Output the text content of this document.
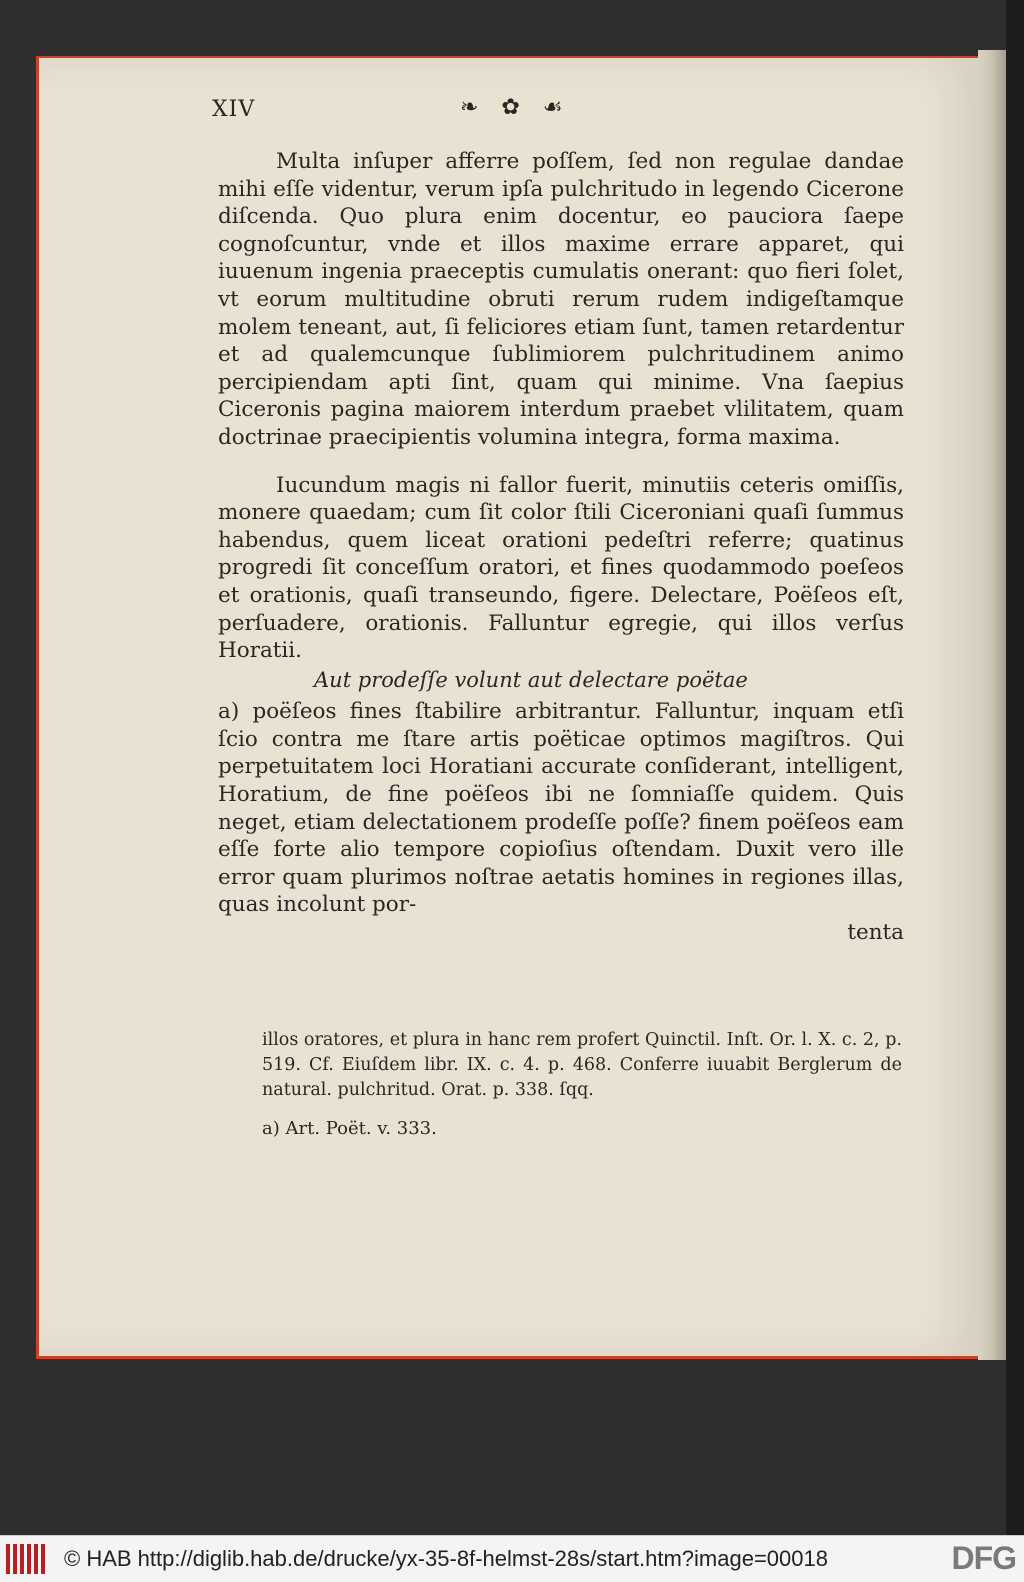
XIV	❧ ✿ ☙

Multa inſuper afferre poſſem, ſed non regulae dandae mihi eſſe videntur, verum ipſa pulchritudo in legendo Cicerone diſcenda. Quo plura enim docentur, eo pauciora ſaepe cognoſcuntur, vnde et illos maxime errare apparet, qui iuuenum ingenia praeceptis cumulatis onerant: quo fieri ſolet, vt eorum multitudine obruti rerum rudem indigeſtamque molem teneant, aut, ſi feliciores etiam ſunt, tamen retardentur et ad qualemcunque ſublimiorem pulchritudinem animo percipiendam apti ſint, quam qui minime. Vna ſaepius Ciceronis pagina maiorem interdum praebet vlilitatem, quam doctrinae praecipientis volumina integra, forma maxima.

Iucundum magis ni fallor fuerit, minutiis ceteris omiſſis, monere quaedam; cum ſit color ſtili Ciceroniani quaſi ſummus habendus, quem liceat orationi pedeſtri referre; quatinus progredi ſit conceſſum oratori, et fines quodammodo poeſeos et orationis, quaſi transeundo, figere. Delectare, Poëſeos eſt, perſuadere, orationis. Falluntur egregie, qui illos verſus Horatii.

Aut prodeſſe volunt aut delectare poëtae

a) poëſeos fines ſtabilire arbitrantur. Falluntur, inquam etſi ſcio contra me ſtare artis poëticae optimos magiſtros. Qui perpetuitatem loci Horatiani accurate conſiderant, intelligent, Horatium, de fine poëſeos ibi ne ſomniaſſe quidem. Quis neget, etiam delectationem prodeſſe poſſe? finem poëſeos eam eſſe forte alio tempore copioſius oſtendam. Duxit vero ille error quam plurimos noſtrae aetatis homines in regiones illas, quas incolunt por-

tenta

illos oratores, et plura in hanc rem profert Quinctil. Inſt. Or. l. X. c. 2, p. 519. Cf. Eiuſdem libr. IX. c. 4. p. 468. Conferre iuuabit Berglerum de natural. pulchritud. Orat. p. 338. ſqq.

a) Art. Poët. v. 333.
© HAB http://diglib.hab.de/drucke/yx-35-8f-helmst-28s/start.htm?image=00018	DFG
